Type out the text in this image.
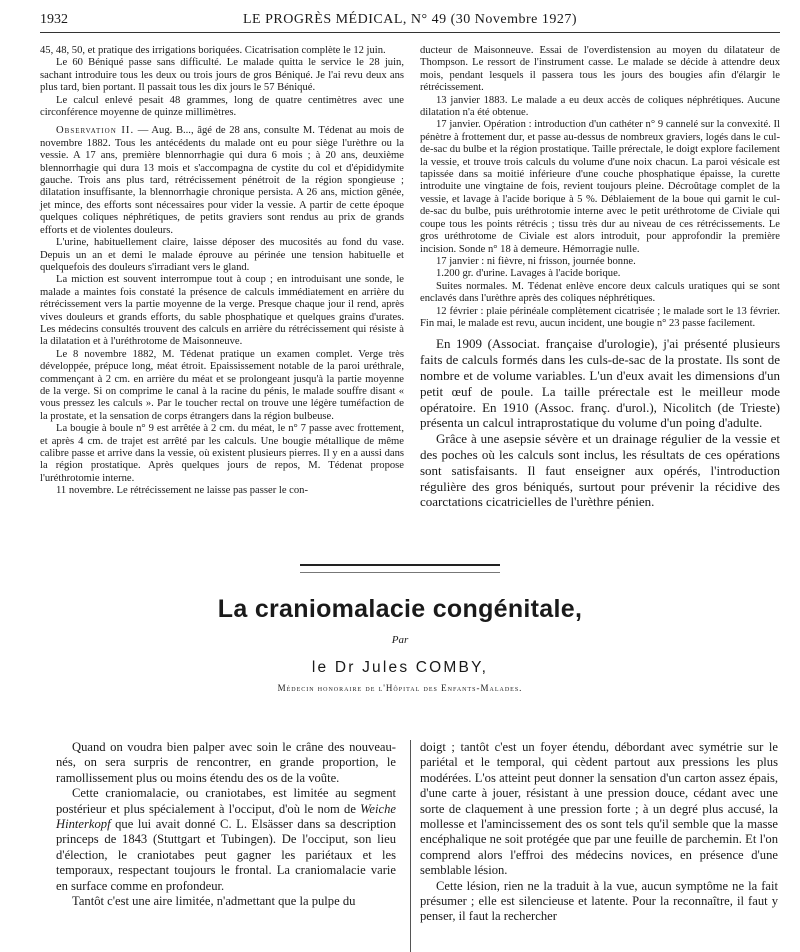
1932	LE PROGRÈS MÉDICAL, N° 49 (30 Novembre 1927)

45, 48, 50, et pratique des irrigations boriquées. Cicatrisation complète le 12 juin.

Le 60 Béniqué passe sans difficulté. Le malade quitta le service le 28 juin, sachant introduire tous les deux ou trois jours de gros Béniqué. Je l'ai revu deux ans plus tard, bien portant. Il passait tous les dix jours le 57 Béniqué.

Le calcul enlevé pesait 48 grammes, long de quatre centimètres avec une circonférence moyenne de quinze millimètres.

Observation II. — Aug. B..., âgé de 28 ans, consulte M. Tédenat au mois de novembre 1882. Tous les antécédents du malade ont eu pour siège l'urèthre ou la vessie. A 17 ans, première blennorrhagie qui dura 6 mois ; à 20 ans, deuxième blennorrhagie qui dura 13 mois et s'accompagna de cystite du col et d'épididymite gauche. Trois ans plus tard, rétrécissement pénétroit de la région spongieuse ; dilatation insuffisante, la blennorrhagie chronique persista. A 26 ans, miction gênée, jet mince, des efforts sont nécessaires pour vider la vessie. A partir de cette époque quelques coliques néphrétiques, de petits graviers sont rendus au prix de grands efforts et de violentes douleurs.

L'urine, habituellement claire, laisse déposer des mucosités au fond du vase. Depuis un an et demi le malade éprouve au périnée une tension habituelle et quelquefois des douleurs s'irradiant vers le gland.

La miction est souvent interrompue tout à coup ; en introduisant une sonde, le malade a maintes fois constaté la présence de calculs immédiatement en arrière du rétrécissement vers la partie moyenne de la verge. Presque chaque jour il rend, après vives douleurs et grands efforts, du sable phosphatique et quelques grains d'urates. Les médecins consultés trouvent des calculs en arrière du rétrécissement qui résiste à la dilatation et à l'uréthrotome de Maisonneuve.

Le 8 novembre 1882, M. Tédenat pratique un examen complet. Verge très développée, prépuce long, méat étroit. Epaississement notable de la paroi uréthrale, commençant à 2 cm. en arrière du méat et se prolongeant jusqu'à la partie moyenne de la verge. Si on comprime le canal à la racine du pénis, le malade souffre disant « vous pressez les calculs ». Par le toucher rectal on trouve une légère tuméfaction de la prostate, et la sensation de corps étrangers dans la région bulbeuse.

La bougie à boule n° 9 est arrêtée à 2 cm. du méat, le n° 7 passe avec frottement, et après 4 cm. de trajet est arrêté par les calculs. Une bougie métallique de même calibre passe et arrive dans la vessie, où existent plusieurs pierres. Il y en a aussi dans la région prostatique. Après quelques jours de repos, M. Tédenat propose l'uréthrotomie interne.

11 novembre. Le rétrécissement ne laisse pas passer le con-

ducteur de Maisonneuve. Essai de l'overdistension au moyen du dilatateur de Thompson. Le ressort de l'instrument casse. Le malade se décide à attendre deux mois, pendant lesquels il passera tous les jours des bougies afin d'élargir le rétrécissement.

13 janvier 1883. Le malade a eu deux accès de coliques néphrétiques. Aucune dilatation n'a été obtenue.

17 janvier. Opération : introduction d'un cathéter n° 9 cannelé sur la convexité. Il pénètre à frottement dur, et passe au-dessus de nombreux graviers, logés dans le cul-de-sac du bulbe et la région prostatique. Taille prérectale, le doigt explore facilement la vessie, et trouve trois calculs du volume d'une noix chacun. La paroi vésicale est tapissée dans sa moitié inférieure d'une couche phosphatique épaisse, la curette introduite une vingtaine de fois, revient toujours pleine. Décroûtage complet de la vessie, et lavage à l'acide borique à 5 %. Déblaiement de la boue qui garnit le cul-de-sac du bulbe, puis uréthrotomie interne avec le petit uréthrotome de Civiale qui coupe tous les points rétrécis ; tissu très dur au niveau de ces rétrécissements. Le gros uréthrotome de Civiale est alors introduit, pour approfondir la première incision. Sonde n° 18 à demeure. Hémorragie nulle.

17 janvier : ni fièvre, ni frisson, journée bonne.

1.200 gr. d'urine. Lavages à l'acide borique.

Suites normales. M. Tédenat enlève encore deux calculs uratiques qui se sont enclavés dans l'urèthre après des coliques néphrétiques.

12 février : plaie périnéale complètement cicatrisée ; le malade sort le 13 février. Fin mai, le malade est revu, aucun incident, une bougie n° 23 passe facilement.

En 1909 (Associat. française d'urologie), j'ai présenté plusieurs faits de calculs formés dans les culs-de-sac de la prostate. Ils sont de nombre et de volume variables. L'un d'eux avait les dimensions d'un petit œuf de poule. La taille prérectale est le meilleur mode opératoire. En 1910 (Assoc. franç. d'urol.), Nicolitch (de Trieste) présenta un calcul intraprostatique du volume d'un poing d'adulte.

Grâce à une asepsie sévère et un drainage régulier de la vessie et des poches où les calculs sont inclus, les résultats de ces opérations sont satisfaisants. Il faut enseigner aux opérés, l'introduction régulière des gros béniqués, surtout pour prévenir la récidive des coarctations cicatricielles de l'urèthre pénien.

La craniomalacie congénitale,
Par
le Dr Jules COMBY,
Médecin honoraire de l'Hôpital des Enfants-Malades.

Quand on voudra bien palper avec soin le crâne des nouveau-nés, on sera surpris de rencontrer, en grande proportion, le ramollissement plus ou moins étendu des os de la voûte.

Cette craniomalacie, ou craniotabes, est limitée au segment postérieur et plus spécialement à l'occiput, d'où le nom de Weiche Hinterkopf que lui avait donné C. L. Elsässer dans sa description princeps de 1843 (Stuttgart et Tubingen). De l'occiput, son lieu d'élection, le craniotabes peut gagner les pariétaux et les temporaux, respectant toujours le frontal. La craniomalacie varie en surface comme en profondeur.

Tantôt c'est une aire limitée, n'admettant que la pulpe du

doigt ; tantôt c'est un foyer étendu, débordant avec symétrie sur le pariétal et le temporal, qui cèdent partout aux pressions les plus modérées. L'os atteint peut donner la sensation d'un carton assez épais, d'une carte à jouer, résistant à une pression douce, cédant avec une sorte de claquement à une pression forte ; à un degré plus accusé, la mollesse et l'amincissement des os sont tels qu'il semble que la masse encéphalique ne soit protégée que par une feuille de parchemin. Et l'on comprend alors l'effroi des médecins novices, en présence d'une semblable lésion.

Cette lésion, rien ne la traduit à la vue, aucun symptôme ne la fait présumer ; elle est silencieuse et latente. Pour la reconnaître, il faut y penser, il faut la rechercher
